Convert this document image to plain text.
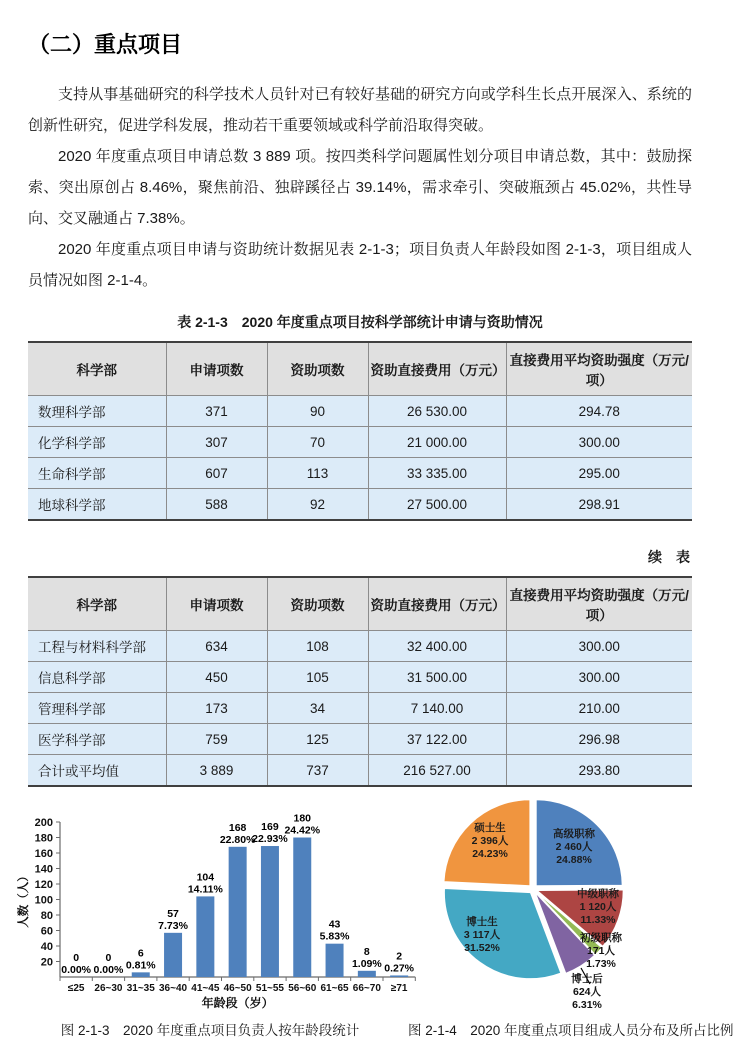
（二）重点项目

支持从事基础研究的科学技术人员针对已有较好基础的研究方向或学科生长点开展深入、系统的创新性研究，促进学科发展，推动若干重要领域或科学前沿取得突破。

2020 年度重点项目申请总数 3 889 项。按四类科学问题属性划分项目申请总数，其中：鼓励探索、突出原创占 8.46%，聚焦前沿、独辟蹊径占 39.14%，需求牵引、突破瓶颈占 45.02%，共性导向、交叉融通占 7.38%。

2020 年度重点项目申请与资助统计数据见表 2-1-3；项目负责人年龄段如图 2-1-3，项目组成人员情况如图 2-1-4。

表 2-1-3　2020 年度重点项目按科学部统计申请与资助情况
科学部	申请项数	资助项数	资助直接费用（万元）	直接费用平均资助强度（万元/项）
数理科学部	371	90	26 530.00	294.78
化学科学部	307	70	21 000.00	300.00
生命科学部	607	113	33 335.00	295.00
地球科学部	588	92	27 500.00	298.91
续　表
科学部	申请项数	资助项数	资助直接费用（万元）	直接费用平均资助强度（万元/项）
工程与材料科学部	634	108	32 400.00	300.00
信息科学部	450	105	31 500.00	300.00
管理科学部	173	34	7 140.00	210.00
医学科学部	759	125	37 122.00	296.98
合计或平均值	3 889	737	216 527.00	293.80
20
40
60
80
100
120
140
160
180
200
0
0.00%
≤25
0
0.00%
26~30
6
0.81%
31~35
57
7.73%
36~40
104
14.11%
41~45
168
22.80%
46~50
169
22.93%
51~55
180
24.42%
56~60
43
5.83%
61~65
8
1.09%
66~70
2
0.27%
≥71
人数（人）
年龄段（岁）
图 2-1-3　2020 年度重点项目负责人按年龄段统计
高级职称
2 460人
24.88%
中级职称
1 120人
11.33%
初级职称
171人
1.73%
博士后
624人
6.31%
博士生
3 117人
31.52%
硕士生
2 396人
24.23%
图 2-1-4　2020 年度重点项目组成人员分布及所占比例
